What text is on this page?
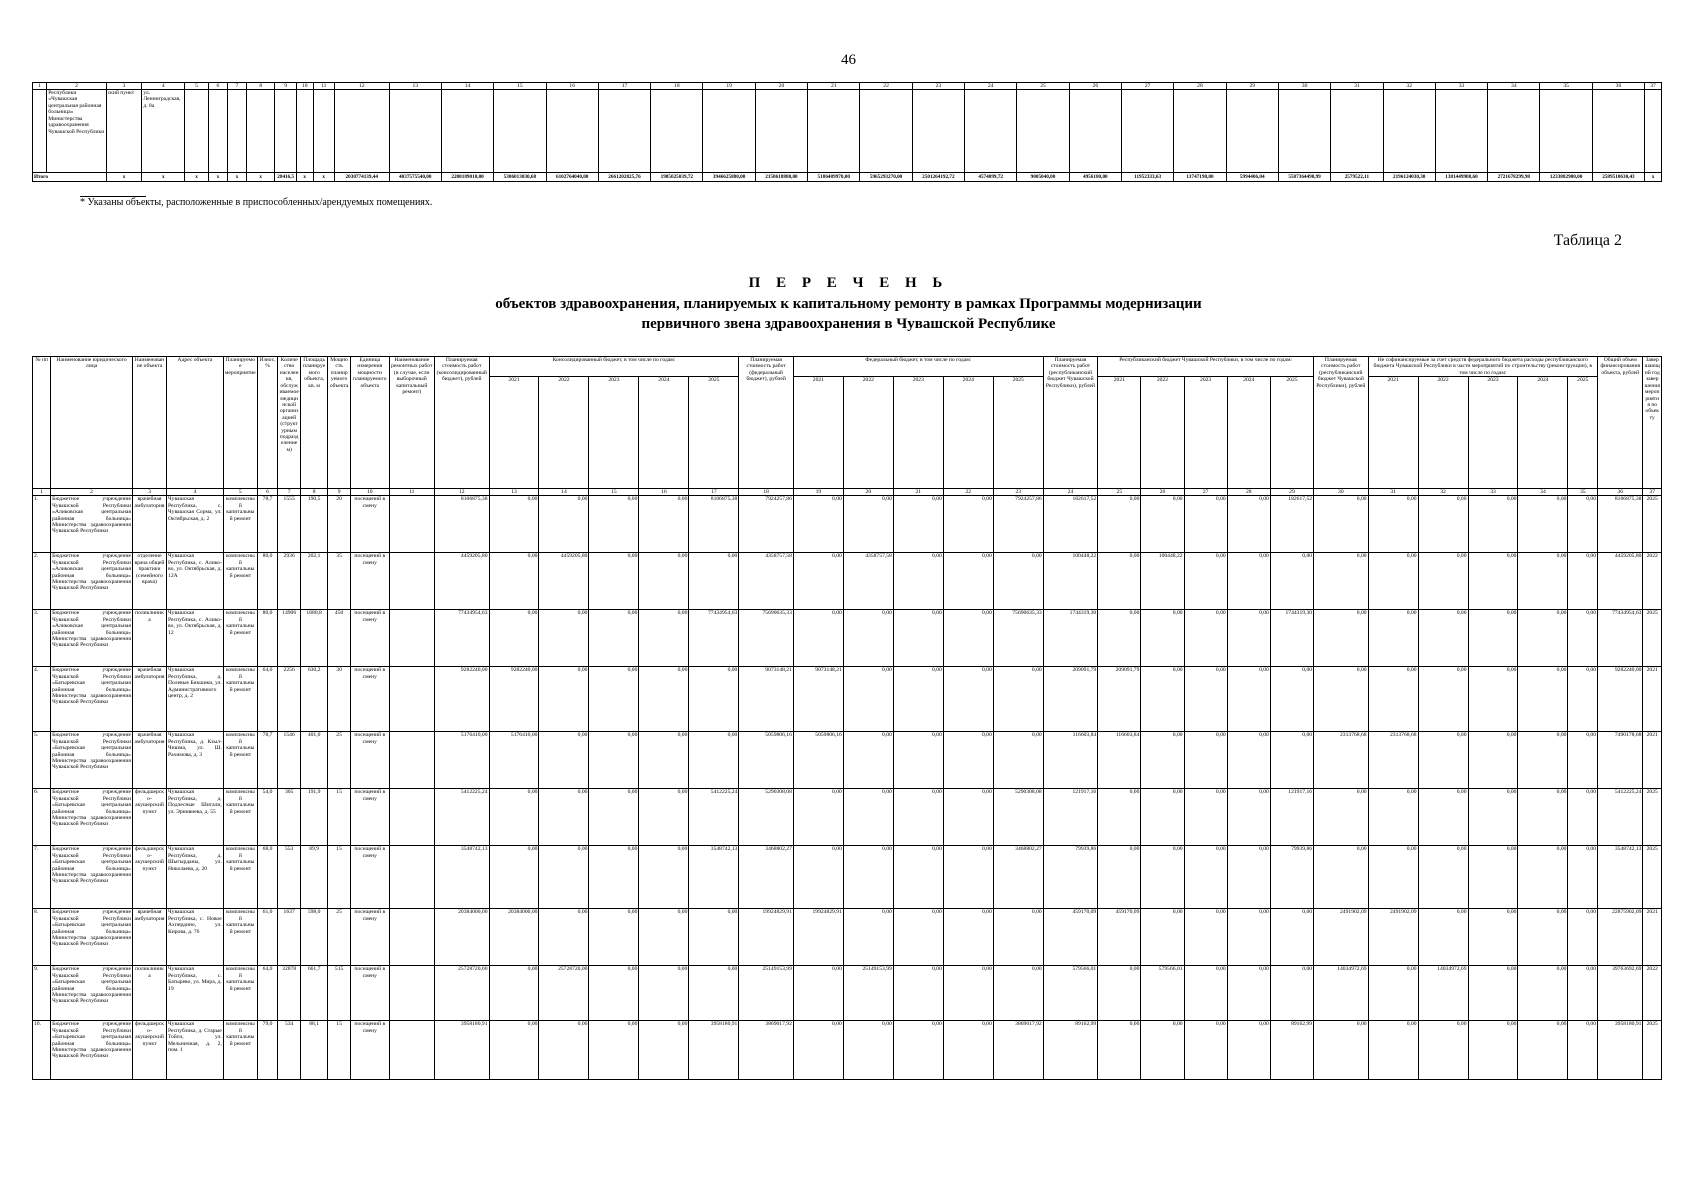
46
1	2	3	4	5	6	7	8	9	10	11	12	13	14	15	16	17	18	19	20	21	22	23	24	25	26	27	28	29	30	31	32	33	34	35	36	37
	Республики «Чувашская центральная районная больница» Министерства здравоохранения Чувашской Республики	ский пункт	ул. Ленинградская, д. 8а																																	
Итого		x	x	x	x	x	x	28416,5	x	x	2030774139,44	4037575540,00	2200189010,00	5306013030,68	6102764040,00	2661202825,76	1985025039,72	3946625880,00	2150618880,00	5186489970,00	5965293270,00	2501264192,72	4574099,72	9005040,00	4956180,00	11952333,63	13747190,00	5994406,04	5587364490,99	2579522,11	2196124030,30	1381449908,60	2721678299,98	1233882980,00	2589510630,43	x
* Указаны объекты, расположенные в приспособленных/арендуемых помещениях.
Таблица 2
П Е Р Е Ч Е Н Ь
объектов здравоохранения, планируемых к капитальному ремонту в рамках Программы модернизации
первичного звена здравоохранения в Чувашской Республике
№ пп	Наименование юридического лица	Наименование объекта	Адрес объекта	Планируемое мероприятие	Износ, %	Количество населения, обслуживаемое медицинской организацией (структурным подразделением)	Площадь планируемого объекта, кв. м	Мощность планируемого объекта	Единица измерения мощности планируемого объекта	Наименование ремонтных работ (в случае, если выборочный капитальный ремонт)	Планируемая стоимость работ (консолидированный бюджет), рублей	Консолидированный бюджет, в том числе по годам:					Планируемая стоимость работ (федеральный бюджет), рублей	Федеральный бюджет, в том числе по годам:					Планируемая стоимость работ (республиканский бюджет Чувашской Республики), рублей	Республиканский бюджет Чувашской Республики, в том числе по годам:					Планируемая стоимость работ (республиканский бюджет Чувашской Республики), рублей	Не софинансируемые за счет средств федерального бюджета расходы республиканского бюджета Чувашской Республики в части мероприятий по строительству (реконструкции), в том числе по годам:					Общий объем финансирования объекта, рублей	Завершающий год завершения мероприятия по объекту
												2021	2022	2023	2024	2025		2021	2022	2023	2024	2025		2021	2022	2023	2024	2025		2021	2022	2023	2024	2025		
1	2	3	4	5	6	7	8	9	10	11	12	13	14	15	16	17	18	19	20	21	22	23	24	25	26	27	28	29	30	31	32	33	34	35	36	37
1.	Бюджетное учреждение Чувашской Республики «Аликовская центральная районная больница» Министерства здравоохранения Чувашской Республики	врачебная амбулатория	Чувашская Республика, с. Чувашская Сорма, ул. Октябрьская, д. 2	комплексный капитальный ремонт	78,7	1555	190,5	20	посещений в смену		8106875,38	0,00	0,00	0,00	0,00	8106875,38	7924257,86	0,00	0,00	0,00	0,00	7924257,86	182617,52	0,00	0,00	0,00	0,00	182617,52	0,00	0,00	0,00	0,00	0,00	0,00	8106875,38	2025
2.	Бюджетное учреждение Чувашской Республики «Аликовская центральная районная больница» Министерства здравоохранения Чувашской Республики	отделение врача общей практики (семейного врача)	Чувашская Республика, с. Алико-во, ул. Октябрьская, д. 12А	комплексный капитальный ремонт	80,0	2936	202,1	35	посещений в смену		4459205,80	0,00	4459205,80	0,00	0,00	0,00	4358757,58	0,00	4358757,58	0,00	0,00	0,00	100448,22	0,00	100448,22	0,00	0,00	0,00	0,00	0,00	0,00	0,00	0,00	0,00	4459205,80	2022
3.	Бюджетное учреждение Чувашской Республики «Аликовская центральная районная больница» Министерства здравоохранения Чувашской Республики	поликлиника	Чувашская Республика, с. Алико-во, ул. Октябрьская, д. 12	комплексный капитальный ремонт	80,0	14906	1680,8	450	посещений в смену		77434954,63	0,00	0,00	0,00	0,00	77434954,63	75690635,33	0,00	0,00	0,00	0,00	75690635,33	1744319,30	0,00	0,00	0,00	0,00	1744319,30	0,00	0,00	0,00	0,00	0,00	0,00	77434954,63	2025
4.	Бюджетное учреждение Чувашской Республики «Батыревская центральная районная больница» Министерства здравоохранения Чувашской Республики	врачебная амбулатория	Чувашская Республика, д. Полевые Бикшики, ул. Административного центр, д. 2	комплексный капитальный ремонт	64,0	2256	630,2	30	посещений в смену		9282240,00	9282240,00	0,00	0,00	0,00	0,00	9073148,21	9073148,21	0,00	0,00	0,00	0,00	209091,79	209091,79	0,00	0,00	0,00	0,00	0,00	0,00	0,00	0,00	0,00	0,00	9282240,00	2021
5.	Бюджетное учреждение Чувашской Республики «Батыревская центральная районная больница» Министерства здравоохранения Чувашской Республики	врачебная амбулатория	Чувашская Республика, д. Кзыл-Чишма, ул. Ш. Рахимова, д. 3	комплексный капитальный ремонт	78,7	1546	401,0	25	посещений в смену		5176410,00	5176410,00	0,00	0,00	0,00	0,00	5059806,16	5059806,16	0,00	0,00	0,00	0,00	116603,84	116603,84	0,00	0,00	0,00	0,00	2313768,68	2313768,68	0,00	0,00	0,00	0,00	7490178,68	2021
6.	Бюджетное учреждение Чувашской Республики «Батыревская центральная районная больница» Министерства здравоохранения Чувашской Республики	фельдшерско-акушерский пункт	Чувашская Республика, д. Подлесные Шигали, ул. Эрнивиева, д. 55	комплексный капитальный ремонт	54,0	305	191,9	15	посещений в смену		5412225,24	0,00	0,00	0,00	0,00	5412225,24	5290308,08	0,00	0,00	0,00	0,00	5290308,08	121917,16	0,00	0,00	0,00	0,00	121917,16	0,00	0,00	0,00	0,00	0,00	0,00	5412225,24	2025
7.	Бюджетное учреждение Чувашской Республики «Батыревская центральная районная больница» Министерства здравоохранения Чувашской Республики	фельдшерско-акушерский пункт	Чувашская Республика, д. Шыгырданы, ул. Николаева, д. 20	комплексный капитальный ремонт	68,0	553	89,9	15	посещений в смену		3548742,13	0,00	0,00	0,00	0,00	3548742,13	3468802,27	0,00	0,00	0,00	0,00	3468802,27	79939,86	0,00	0,00	0,00	0,00	79939,86	0,00	0,00	0,00	0,00	0,00	0,00	3548742,13	2025
8.	Бюджетное учреждение Чувашской Республики «Батыревская центральная районная больница» Министерства здравоохранения Чувашской Республики	врачебная амбулатория	Чувашская Республика, с. Новое Ахпердино, ул. Кирова, д. 76	комплексный капитальный ремонт	61,0	1637	598,0	25	посещений в смену		20384000,00	20384000,00	0,00	0,00	0,00	0,00	19924829,91	19924829,91	0,00	0,00	0,00	0,00	459170,09	459170,09	0,00	0,00	0,00	0,00	2491902,09	2491902,09	0,00	0,00	0,00	0,00	22875902,09	2021
9.	Бюджетное учреждение Чувашской Республики «Батыревская центральная районная больница» Министерства здравоохранения Чувашской Республики	поликлиника	Чувашская Республика, с. Батырево, ул. Мира, д. 19	комплексный капитальный ремонт	64,0	32878	661,7	515	посещений в смену		25728720,00	0,00	25728720,00	0,00	0,00	0,00	25149153,99	0,00	25149153,99	0,00	0,00	0,00	579566,01	0,00	579566,01	0,00	0,00	0,00	14034972,69	0,00	14034972,69	0,00	0,00	0,00	39763692,69	2022
10.	Бюджетное учреждение Чувашской Республики «Батыревская центральная районная больница» Министерства здравоохранения Чувашской Республики	фельдшерско-акушерский пункт	Чувашская Республика, д. Старые Тойси, ул. Мельничная, д. 2, пом. 1	комплексный капитальный ремонт	79,0	534	88,1	15	посещений в смену		3958180,91	0,00	0,00	0,00	0,00	3958180,91	3869017,92	0,00	0,00	0,00	0,00	3869017,92	89162,99	0,00	0,00	0,00	0,00	89162,99	0,00	0,00	0,00	0,00	0,00	0,00	3958180,91	2025
